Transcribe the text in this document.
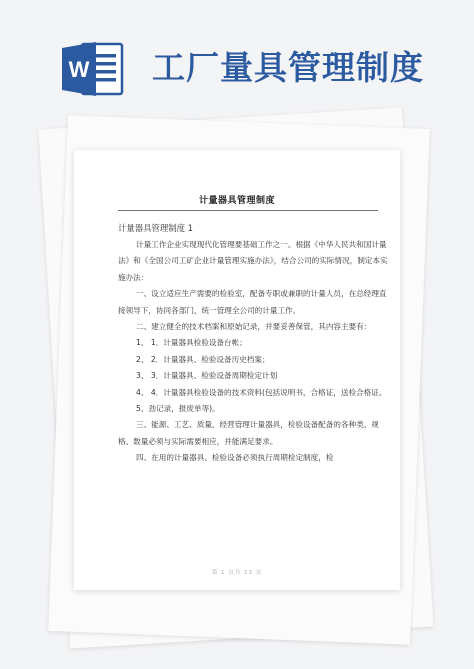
W 工厂量具管理制度
计量器具管理制度

计量器具管理制度 1

计量工作企业实现现代化管理要基础工作之一。根据《中华人民共和国计量法》和《全国公司工矿企业计量管理实施办法》，结合公司的实际情况，制定本实施办法：

一、设立适应生产需要的检验室，配备专职或兼职的计量人员，在总经理直接领导下，协同各部门，统一管理全公司的计量工作。

二、建立健全的技术档案和原始记录，并要妥善保管，其内容主要有：

1、 1．计量器具检验设备台帐；

2、 2．计量器具、检验设备历史档案；

3、 3．计量器具、检验设备周期检定计划

4、 4．计量器具检验设备的技术资料(包括说明书，合格证，送检合格证。

5、劲记录，报废单等)。

三、能源、工艺、质量、经营管理计量器具，检验设备配备的各种类、规格、数量必须与实际需要相应，并能满足要求。

四、在用的计量器具、检验设备必须执行周期检定制度，检

第 1 页共 13 页
